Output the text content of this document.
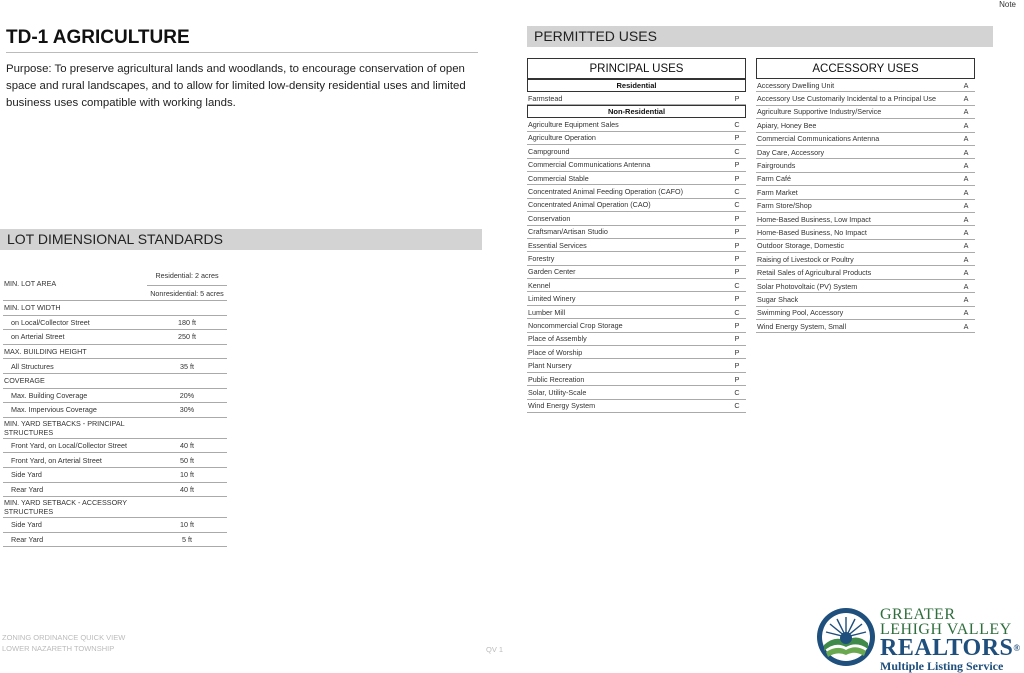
Note
TD-1 AGRICULTURE
Purpose: To preserve agricultural lands and woodlands, to encourage conservation of open space and rural landscapes, and to allow for limited low-density residential uses and limited business uses compatible with working lands.
LOT DIMENSIONAL STANDARDS
MIN. LOT AREA
Residential: 2 acres
Nonresidential: 5 acres
MIN. LOT WIDTH
on Local/Collector Street	180 ft
on Arterial Street	250 ft
MAX. BUILDING HEIGHT
All Structures	35 ft
COVERAGE
Max. Building Coverage	20%
Max. Impervious Coverage	30%
MIN. YARD SETBACKS - PRINCIPAL STRUCTURES
Front Yard, on Local/Collector Street	40 ft
Front Yard, on Arterial Street	50 ft
Side Yard	10 ft
Rear Yard	40 ft
MIN. YARD SETBACK - ACCESSORY STRUCTURES
Side Yard	10 ft
Rear Yard	5 ft
PERMITTED USES
PRINCIPAL USES
Residential
Farmstead	P
Non-Residential
Agriculture Equipment Sales	C
Agriculture Operation	P
Campground	C
Commercial Communications Antenna	P
Commercial Stable	P
Concentrated Animal Feeding Operation (CAFO)	C
Concentrated Animal Operation (CAO)	C
Conservation	P
Craftsman/Artisan Studio	P
Essential Services	P
Forestry	P
Garden Center	P
Kennel	C
Limited Winery	P
Lumber Mill	C
Noncommercial Crop Storage	P
Place of Assembly	P
Place of Worship	P
Plant Nursery	P
Public Recreation	P
Solar, Utility-Scale	C
Wind Energy System	C
ACCESSORY USES
Accessory Dwelling Unit	A
Accessory Use Customarily Incidental to a Principal Use	A
Agriculture Supportive Industry/Service	A
Apiary, Honey Bee	A
Commercial Communications Antenna	A
Day Care, Accessory	A
Fairgrounds	A
Farm Café	A
Farm Market	A
Farm Store/Shop	A
Home-Based Business, Low Impact	A
Home-Based Business, No Impact	A
Outdoor Storage, Domestic	A
Raising of Livestock or Poultry	A
Retail Sales of Agricultural Products	A
Solar Photovoltaic (PV) System	A
Sugar Shack	A
Swimming Pool, Accessory	A
Wind Energy System, Small	A
ZONING ORDINANCE QUICK VIEW
LOWER NAZARETH TOWNSHIP	QV 1
GREATER
LEHIGH VALLEY
REALTORS®
Multiple Listing Service
